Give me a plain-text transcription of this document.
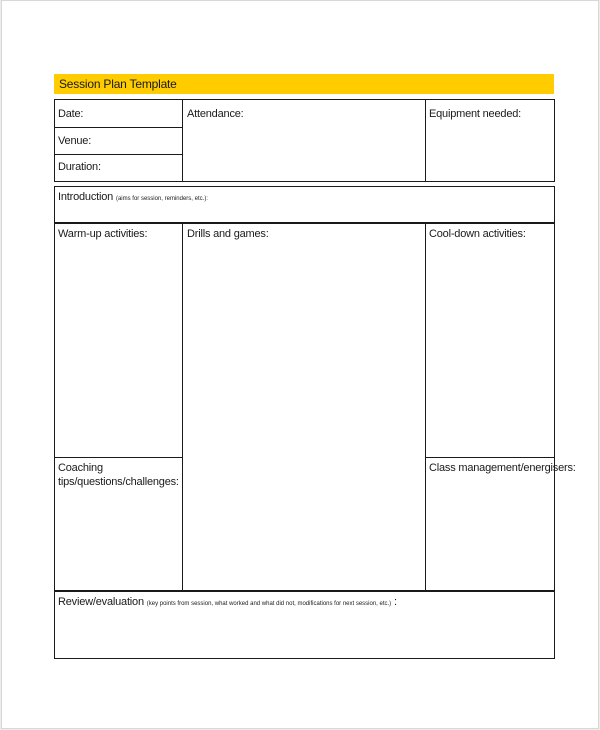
Session Plan Template
Date:
Venue:
Duration:
Attendance:	Equipment needed:
Introduction (aims for session, reminders, etc.):
Warm-up activities:	Drills and games:	Cool-down activities:
Coaching tips/questions/challenges:
Class management/energisers:
Review/evaluation (key points from session, what worked and what did not, modifications for next session, etc.) :
